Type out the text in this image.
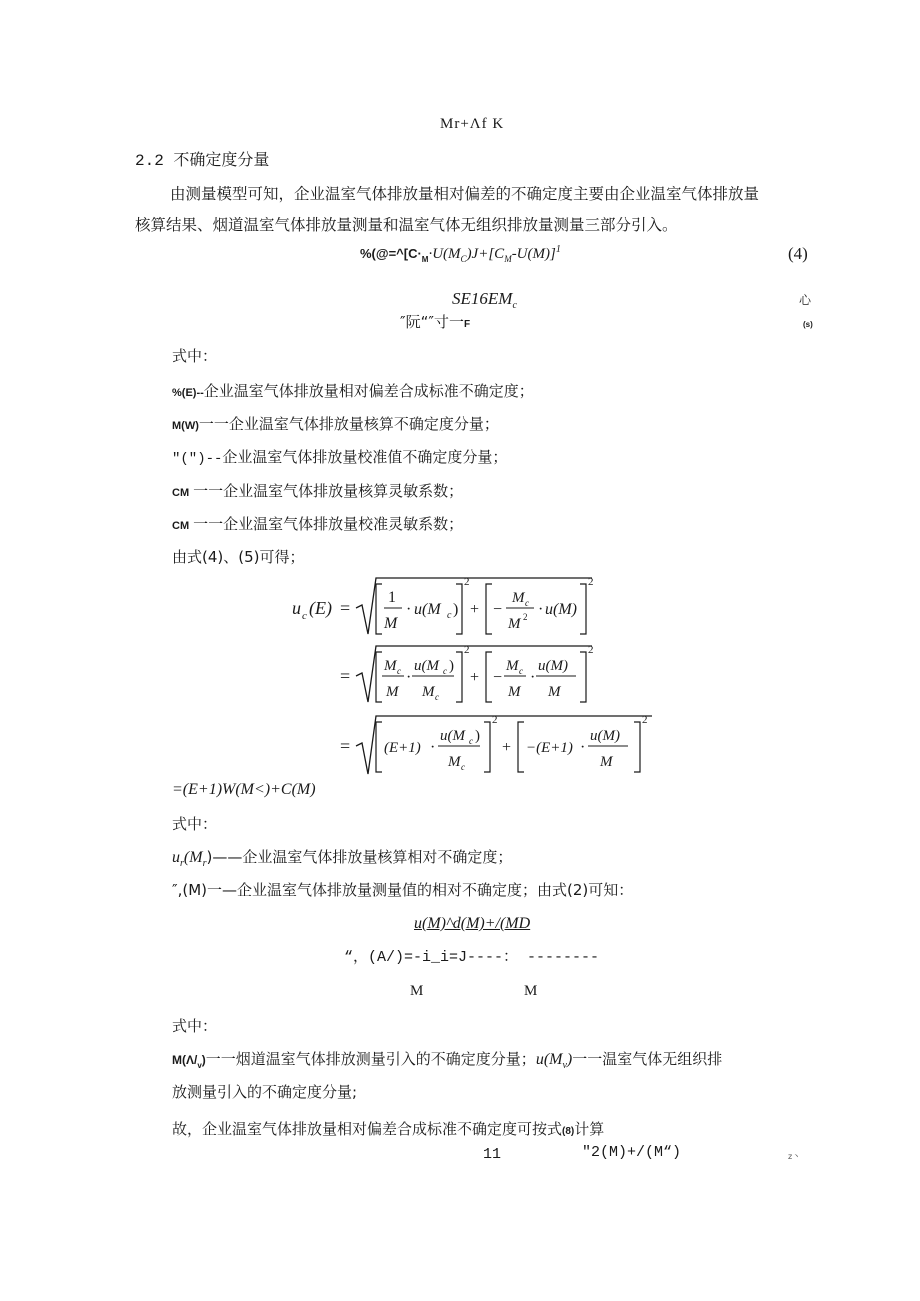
Mr+Λf K
2.2 不确定度分量
由测量模型可知，企业温室气体排放量相对偏差的不确定度主要由企业温室气体排放量
核算结果、烟道温室气体排放量测量和温室气体无组织排放量测量三部分引入。
$\%(@=\^{}[C\cdot_M\cdot U(M_C)J+[C_M-U(M)]^1$	(4)
$SE16EM_c$	心
″阮“″寸一F	(s)
式中：
%(E)--企业温室气体排放量相对偏差合成标准不确定度；
M(W)一一企业温室气体排放量核算不确定度分量；
″(″)--企业温室气体排放量校准值不确定度分量；
CM 一一企业温室气体排放量核算灵敏系数；
CM 一一企业温室气体排放量校准灵敏系数；
由式(4)、(5)可得；
u c (E) =
1
M
· u(M c )
2
+ −
M c
M 2 · u(M)
2
= M c
M
·
u(M c )
M c
2
+ −
M c
M
·
u(M)
M
2
= (E+1) ·
u(M c )
M c
2
+ −(E+1) ·
u(M)
M
2
=(E+1)W(M<)+C(M)
式中：
$u_r(M_r)——$企业温室气体排放量核算相对不确定度；
″,(M)一—企业温室气体排放量测量值的相对不确定度；由式(2)可知：
u(M)^d(M)+/(MD
“，(A/)=-i_i=J----： --------
M	M
式中：
$M(\Lambda/_v)$一一烟道温室气体排放测量引入的不确定度分量；$u(M_v)$一一温室气体无组织排
放测量引入的不确定度分量;
故，企业温室气体排放量相对偏差合成标准不确定度可按式(8)计算
11	″2(M)+/(M“)	z丶
